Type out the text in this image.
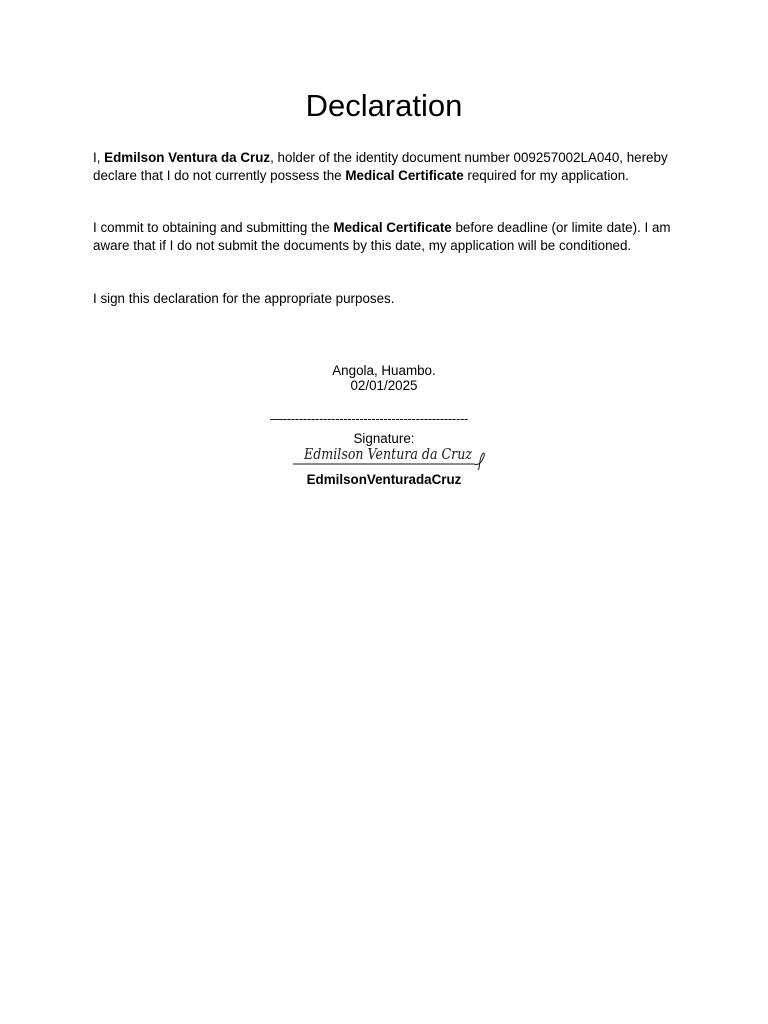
Declaration

I, Edmilson Ventura da Cruz, holder of the identity document number 009257002LA040, hereby declare that I do not currently possess the Medical Certificate required for my application.

I commit to obtaining and submitting the Medical Certificate before deadline (or limite date). I am aware that if I do not submit the documents by this date, my application will be conditioned.

I sign this declaration for the appropriate purposes.

Angola, Huambo.
02/01/2025
—----------------------------------------------
Signature:
Edmilson Ventura da Cruz
EdmilsonVenturadaCruz
